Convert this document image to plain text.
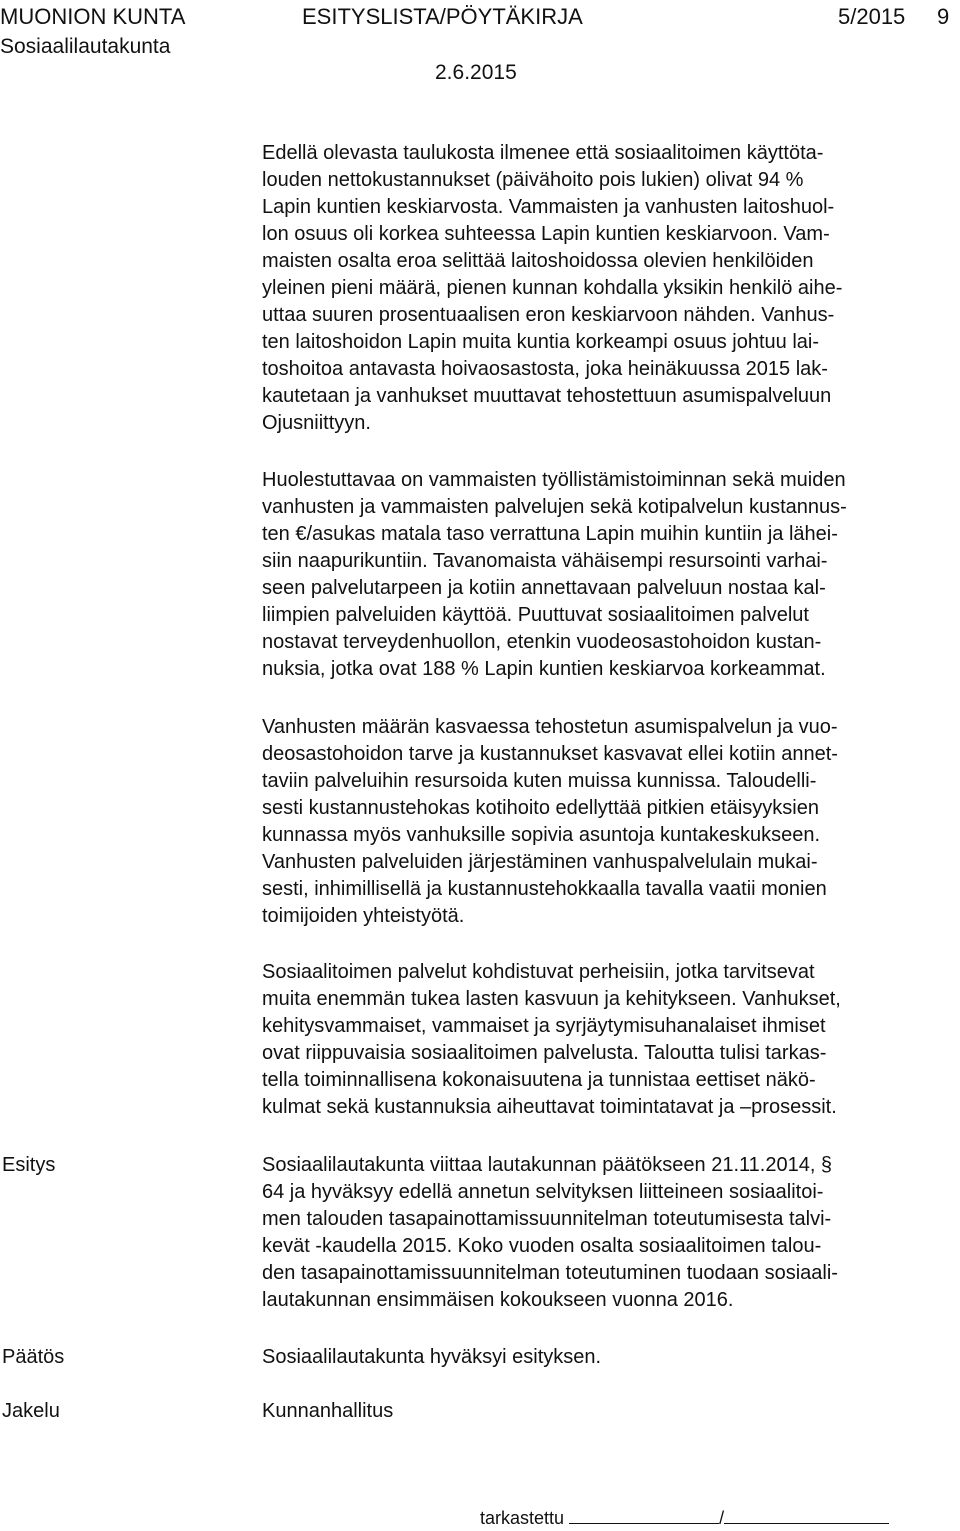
MUONION KUNTA
Sosiaalilautakunta
ESITYSLISTA/PÖYTÄKIRJA	5/2015 9
2.6.2015
Edellä olevasta taulukosta ilmenee että sosiaalitoimen käyttöta-
louden nettokustannukset (päivähoito pois lukien) olivat 94 %
Lapin kuntien keskiarvosta. Vammaisten ja vanhusten laitoshuol-
lon osuus oli korkea suhteessa Lapin kuntien keskiarvoon. Vam-
maisten osalta eroa selittää laitoshoidossa olevien henkilöiden
yleinen pieni määrä, pienen kunnan kohdalla yksikin henkilö aihe-
uttaa suuren prosentuaalisen eron keskiarvoon nähden. Vanhus-
ten laitoshoidon Lapin muita kuntia korkeampi osuus johtuu lai-
toshoitoa antavasta hoivaosastosta, joka heinäkuussa 2015 lak-
kautetaan ja vanhukset muuttavat tehostettuun asumispalveluun
Ojusniittyyn.
Huolestuttavaa on vammaisten työllistämistoiminnan sekä muiden
vanhusten ja vammaisten palvelujen sekä kotipalvelun kustannus-
ten €/asukas matala taso verrattuna Lapin muihin kuntiin ja lähei-
siin naapurikuntiin. Tavanomaista vähäisempi resursointi varhai-
seen palvelutarpeen ja kotiin annettavaan palveluun nostaa kal-
liimpien palveluiden käyttöä. Puuttuvat sosiaalitoimen palvelut
nostavat terveydenhuollon, etenkin vuodeosastohoidon kustan-
nuksia, jotka ovat 188 % Lapin kuntien keskiarvoa korkeammat.
Vanhusten määrän kasvaessa tehostetun asumispalvelun ja vuo-
deosastohoidon tarve ja kustannukset kasvavat ellei kotiin annet-
taviin palveluihin resursoida kuten muissa kunnissa. Taloudelli-
sesti kustannustehokas kotihoito edellyttää pitkien etäisyyksien
kunnassa myös vanhuksille sopivia asuntoja kuntakeskukseen.
Vanhusten palveluiden järjestäminen vanhuspalvelulain mukai-
sesti, inhimillisellä ja kustannustehokkaalla tavalla vaatii monien
toimijoiden yhteistyötä.
Sosiaalitoimen palvelut kohdistuvat perheisiin, jotka tarvitsevat
muita enemmän tukea lasten kasvuun ja kehitykseen. Vanhukset,
kehitysvammaiset, vammaiset ja syrjäytymisuhanalaiset ihmiset
ovat riippuvaisia sosiaalitoimen palvelusta. Taloutta tulisi tarkas-
tella toiminnallisena kokonaisuutena ja tunnistaa eettiset näkö-
kulmat sekä kustannuksia aiheuttavat toimintatavat ja –prosessit.
Esitys	Sosiaalilautakunta viittaa lautakunnan päätökseen 21.11.2014, §
64 ja hyväksyy edellä annetun selvityksen liitteineen sosiaalitoi-
men talouden tasapainottamissuunnitelman toteutumisesta talvi-
kevät -kaudella 2015. Koko vuoden osalta sosiaalitoimen talou-
den tasapainottamissuunnitelman toteutuminen tuodaan sosiaali-
lautakunnan ensimmäisen kokoukseen vuonna 2016.
Päätös	Sosiaalilautakunta hyväksyi esityksen.
Jakelu	Kunnanhallitus
tarkastettu	/
